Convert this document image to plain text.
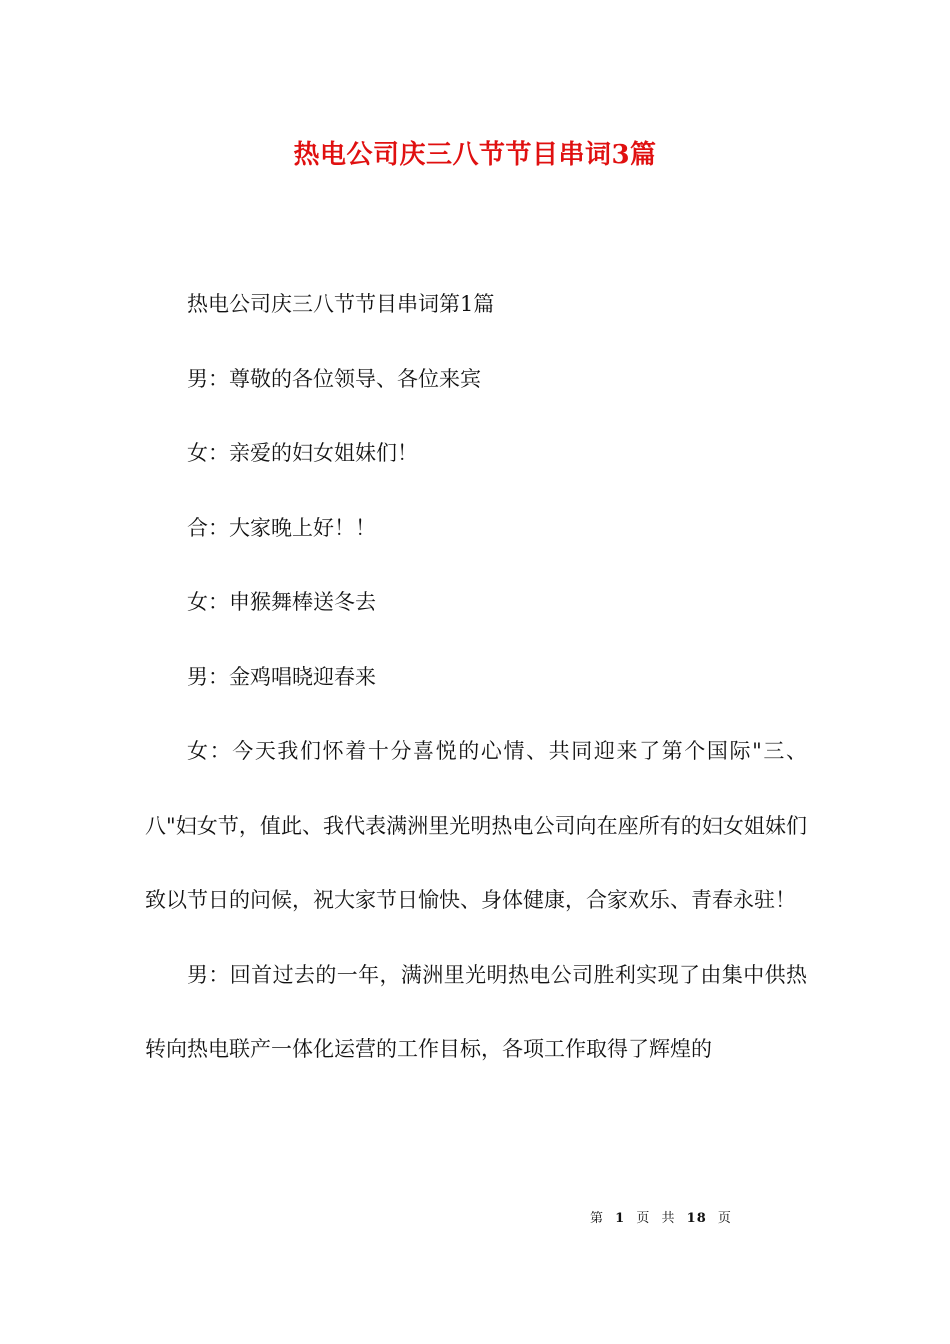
热电公司庆三八节节目串词3篇

热电公司庆三八节节目串词第1篇

男：尊敬的各位领导、各位来宾

女：亲爱的妇女姐妹们！

合：大家晚上好！！

女：申猴舞棒送冬去

男：金鸡唱晓迎春来

女：今天我们怀着十分喜悦的心情、共同迎来了第个国际"三、八"妇女节，值此、我代表满洲里光明热电公司向在座所有的妇女姐妹们致以节日的问候，祝大家节日愉快、身体健康，合家欢乐、青春永驻！

男：回首过去的一年，满洲里光明热电公司胜利实现了由集中供热转向热电联产一体化运营的工作目标，各项工作取得了辉煌的

第 1 页 共 18 页
